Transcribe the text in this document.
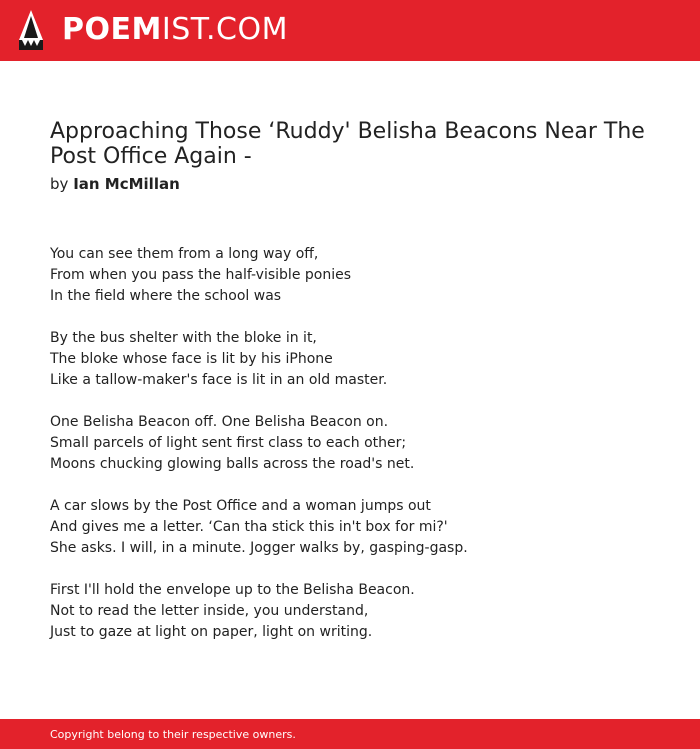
POEMIST.COM
Approaching Those ‘Ruddy' Belisha Beacons Near The Post Office Again -
by Ian McMillan
You can see them from a long way off,
From when you pass the half-visible ponies
In the field where the school was
By the bus shelter with the bloke in it,
The bloke whose face is lit by his iPhone
Like a tallow-maker's face is lit in an old master.
One Belisha Beacon off. One Belisha Beacon on.
Small parcels of light sent first class to each other;
Moons chucking glowing balls across the road's net.
A car slows by the Post Office and a woman jumps out
And gives me a letter. ‘Can tha stick this in't box for mi?'
She asks. I will, in a minute. Jogger walks by, gasping-gasp.
First I'll hold the envelope up to the Belisha Beacon.
Not to read the letter inside, you understand,
Just to gaze at light on paper, light on writing.
Copyright belong to their respective owners.
